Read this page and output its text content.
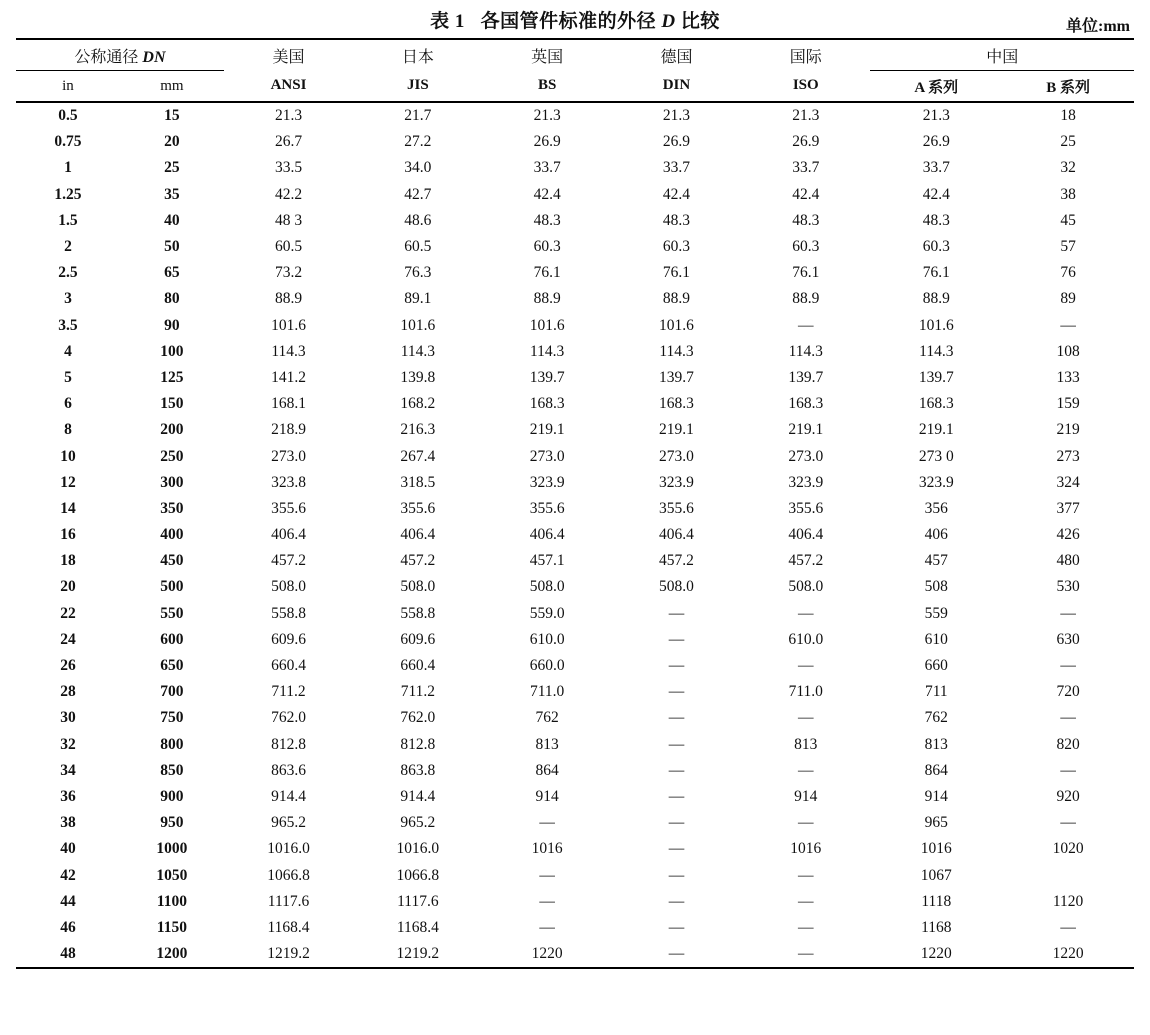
表 1 各国管件标准的外径 D 比较	单位:mm

公称通径 DN		美国	日本	英国	德国	国际	中国	
in	mm	ANSI	JIS	BS	DIN	ISO	A 系列	B 系列

0.5	15	21.3	21.7	21.3	21.3	21.3	21.3	18
0.75	20	26.7	27.2	26.9	26.9	26.9	26.9	25
1	25	33.5	34.0	33.7	33.7	33.7	33.7	32
1.25	35	42.2	42.7	42.4	42.4	42.4	42.4	38
1.5	40	48 3	48.6	48.3	48.3	48.3	48.3	45
2	50	60.5	60.5	60.3	60.3	60.3	60.3	57
2.5	65	73.2	76.3	76.1	76.1	76.1	76.1	76
3	80	88.9	89.1	88.9	88.9	88.9	88.9	89
3.5	90	101.6	101.6	101.6	101.6	—	101.6	—
4	100	114.3	114.3	114.3	114.3	114.3	114.3	108
5	125	141.2	139.8	139.7	139.7	139.7	139.7	133
6	150	168.1	168.2	168.3	168.3	168.3	168.3	159
8	200	218.9	216.3	219.1	219.1	219.1	219.1	219
10	250	273.0	267.4	273.0	273.0	273.0	273 0	273
12	300	323.8	318.5	323.9	323.9	323.9	323.9	324
14	350	355.6	355.6	355.6	355.6	355.6	356	377
16	400	406.4	406.4	406.4	406.4	406.4	406	426
18	450	457.2	457.2	457.1	457.2	457.2	457	480
20	500	508.0	508.0	508.0	508.0	508.0	508	530
22	550	558.8	558.8	559.0	—	—	559	—
24	600	609.6	609.6	610.0	—	610.0	610	630
26	650	660.4	660.4	660.0	—	—	660	—
28	700	711.2	711.2	711.0	—	711.0	711	720
30	750	762.0	762.0	762	—	—	762	—
32	800	812.8	812.8	813	—	813	813	820
34	850	863.6	863.8	864	—	—	864	—
36	900	914.4	914.4	914	—	914	914	920
38	950	965.2	965.2	—	—	—	965	—
40	1000	1016.0	1016.0	1016	—	1016	1016	1020
42	1050	1066.8	1066.8	—	—	—	1067	
44	1100	1117.6	1117.6	—	—	—	1118	1120
46	1150	1168.4	1168.4	—	—	—	1168	—
48	1200	1219.2	1219.2	1220	—	—	1220	1220
